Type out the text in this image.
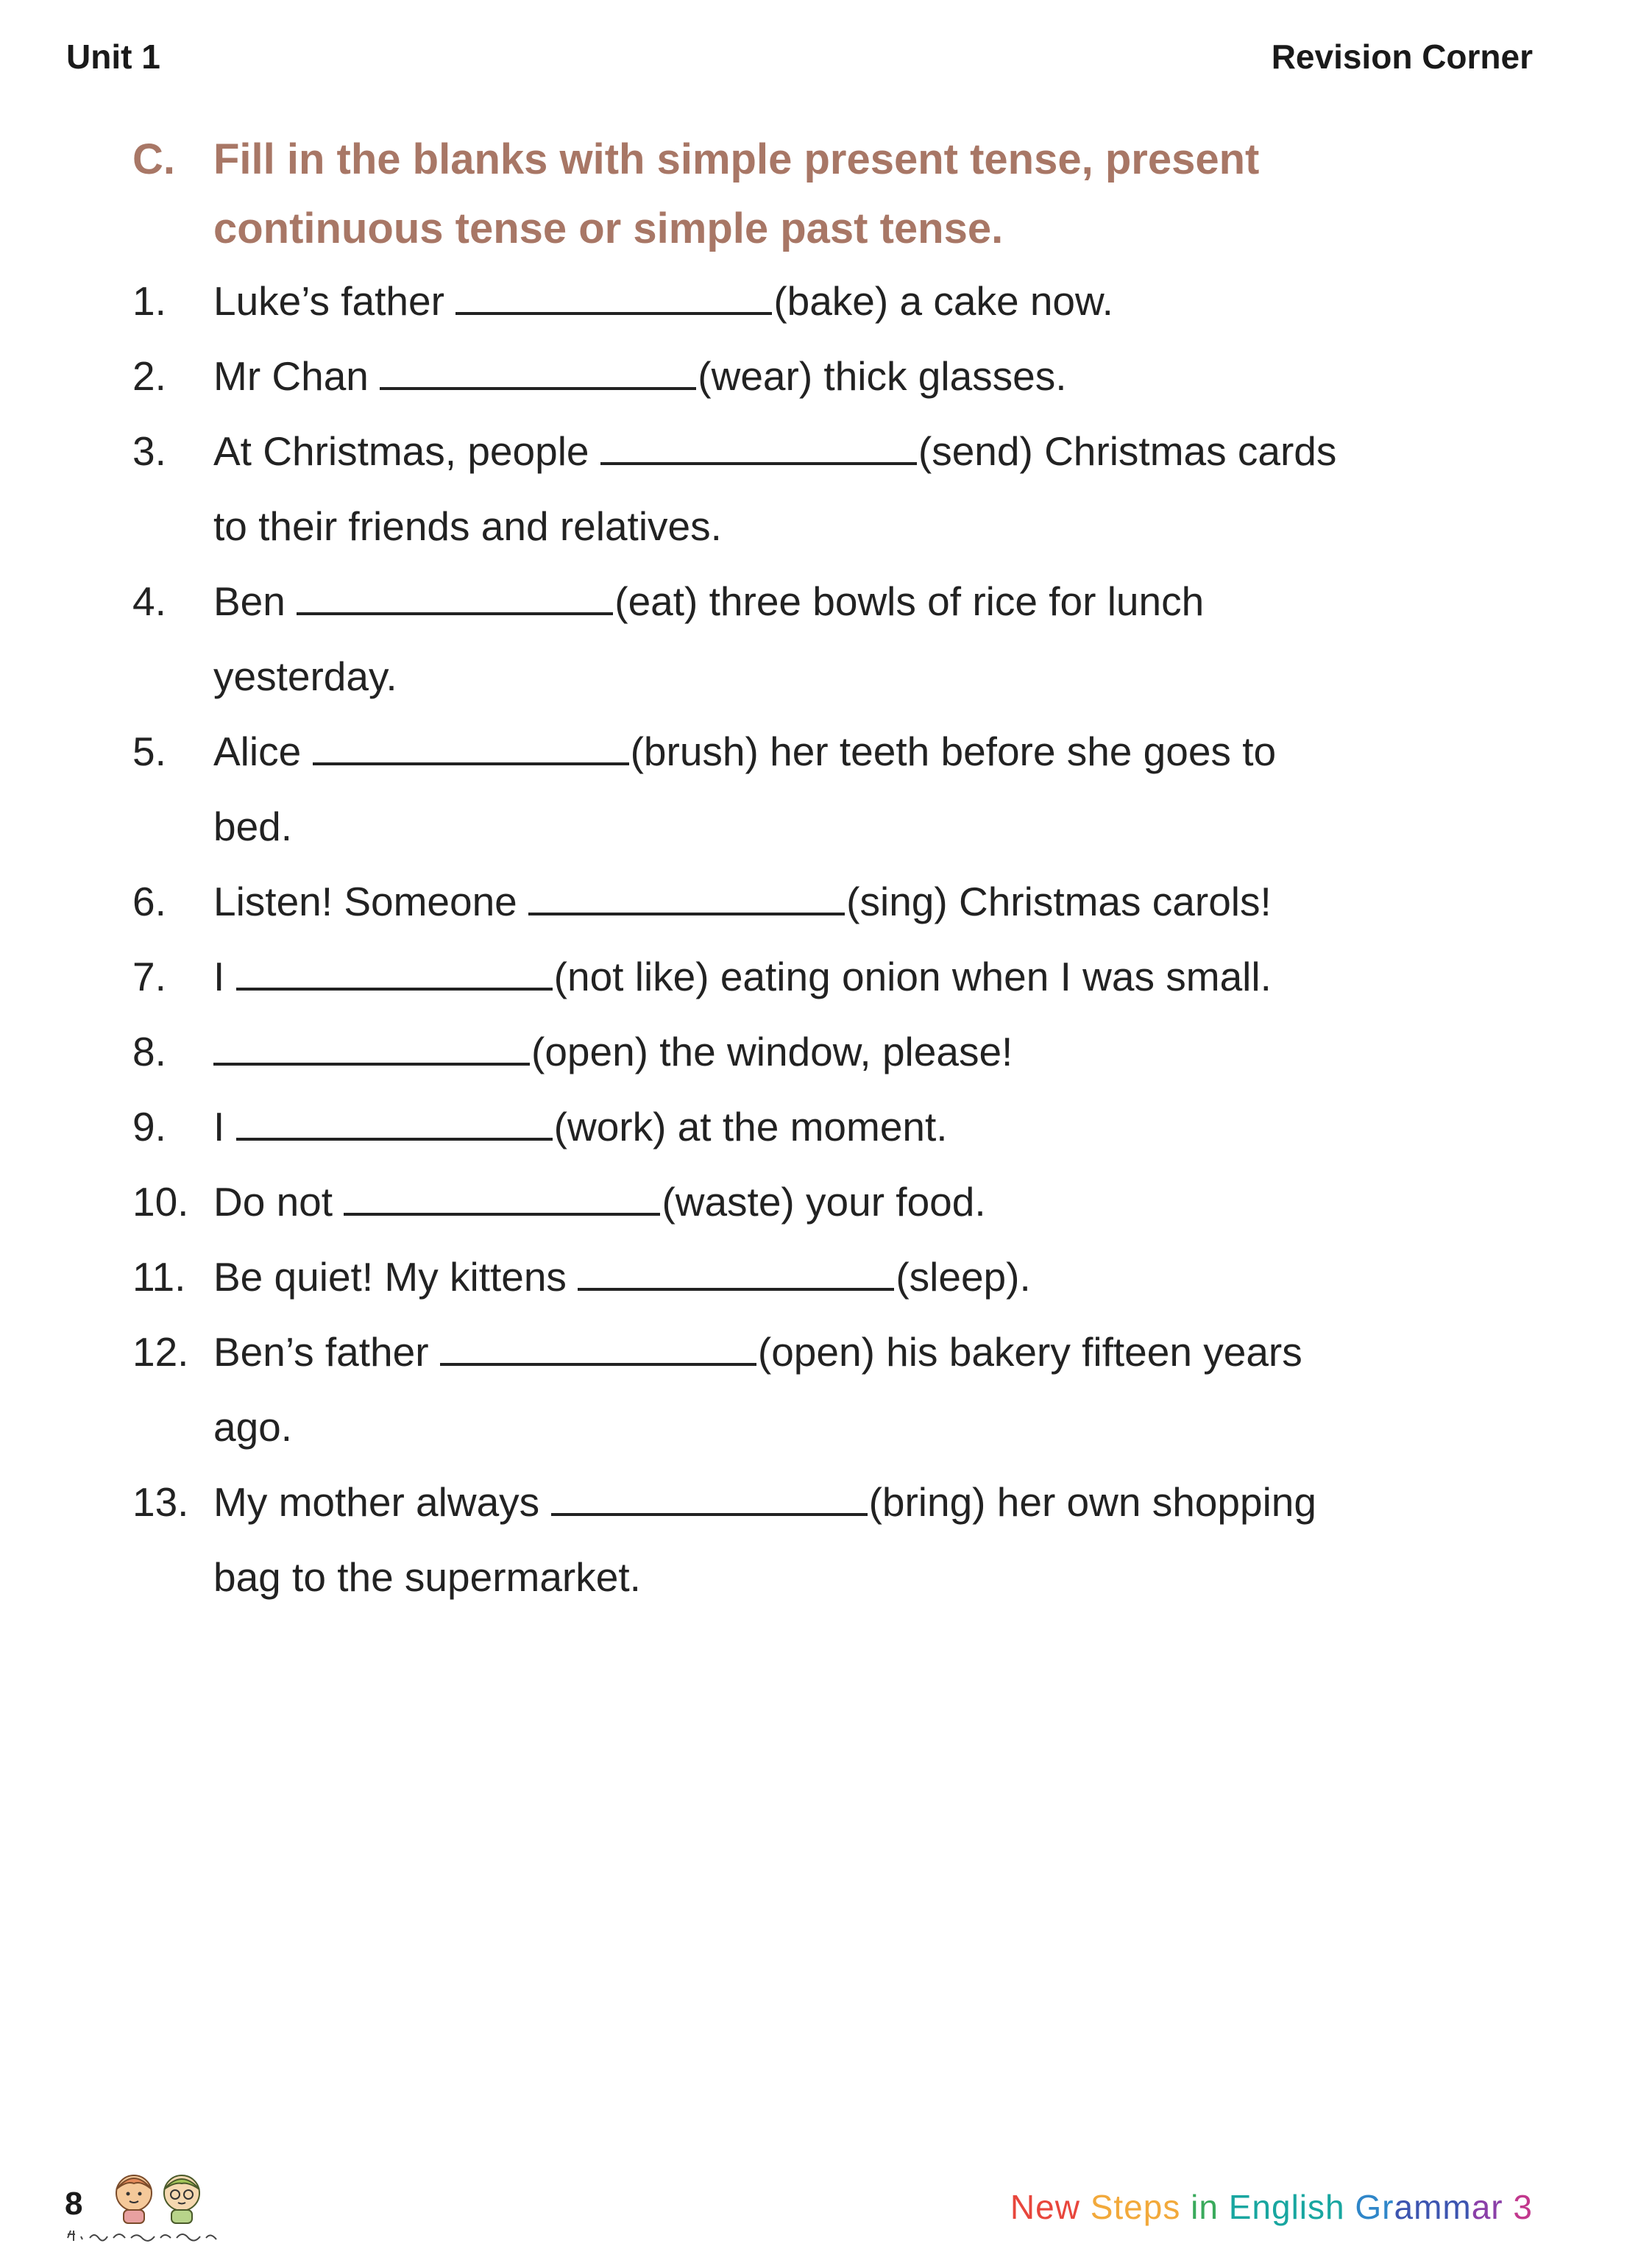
Unit 1	Revision Corner
C. Fill in the blanks with simple present tense, present
continuous tense or simple past tense.
1. Luke’s father	(bake) a cake now.
2. Mr Chan	(wear) thick glasses.
3. At Christmas, people	(send) Christmas cards
to their friends and relatives.
4. Ben	(eat) three bowls of rice for lunch
yesterday.
5. Alice	(brush) her teeth before she goes to
bed.
6. Listen! Someone	(sing) Christmas carols!
7. I	(not like) eating onion when I was small.
8.	(open) the window, please!
9. I	(work) at the moment.
10. Do not	(waste) your food.
11. Be quiet! My kittens	(sleep).
12. Ben’s father	(open) his bakery fifteen years
ago.
13. My mother always	(bring) her own shopping
bag to the supermarket.
8	New Steps in English Grammar 3
